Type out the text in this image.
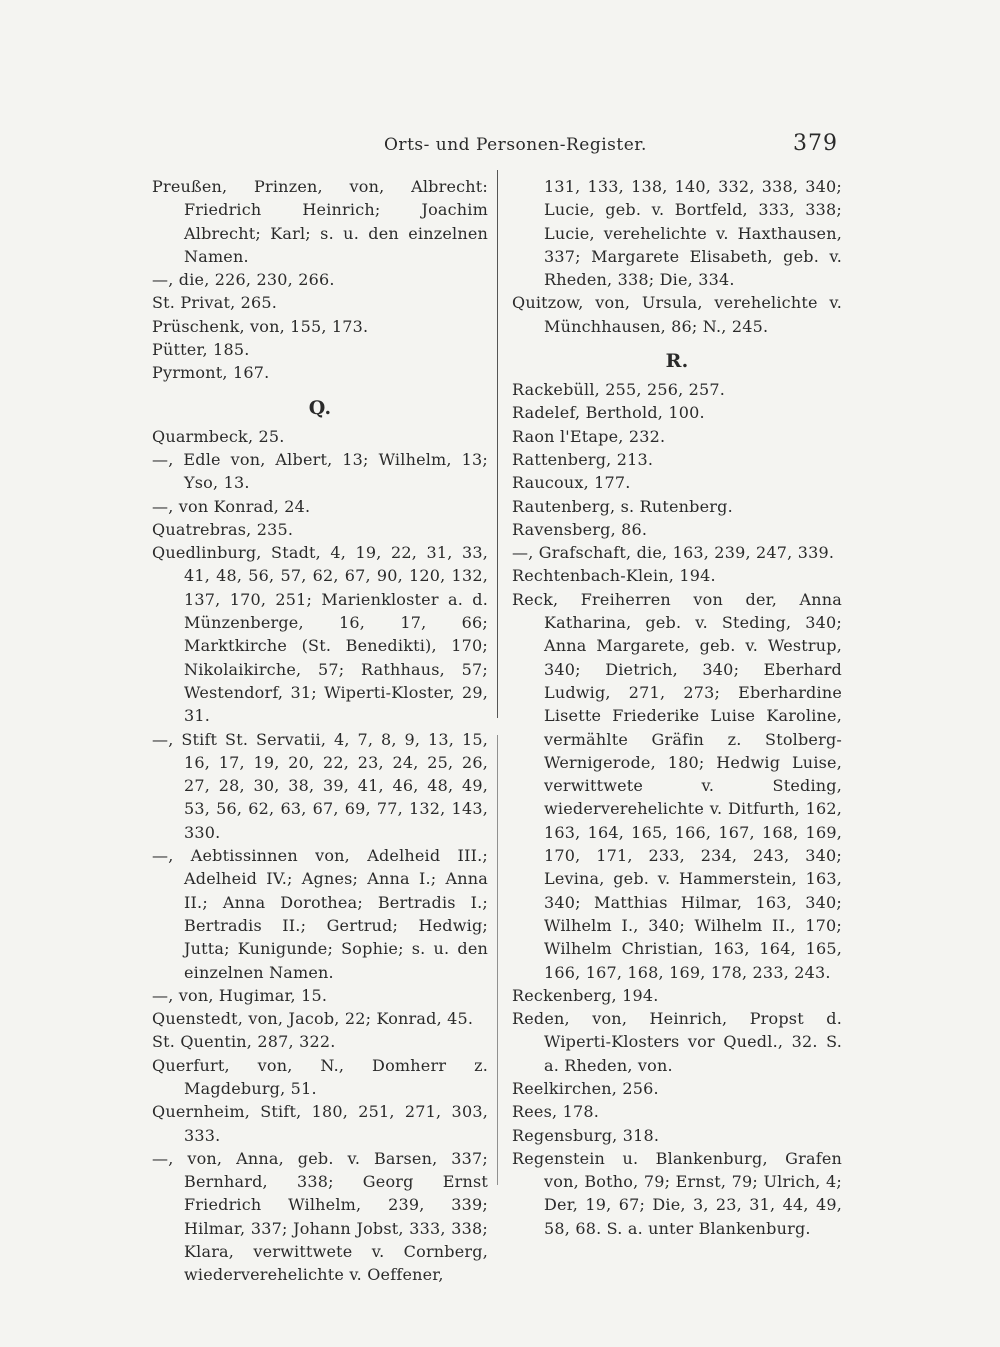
Orts- und Personen-Register.	379
Preußen, Prinzen, von, Albrecht: Friedrich Heinrich; Joachim Albrecht; Karl; s. u. den einzelnen Namen.
—, die, 226, 230, 266.
St. Privat, 265.
Prüschenk, von, 155, 173.
Pütter, 185.
Pyrmont, 167.
Q.
Quarmbeck, 25.
—, Edle von, Albert, 13; Wilhelm, 13; Yso, 13.
—, von Konrad, 24.
Quatrebras, 235.
Quedlinburg, Stadt, 4, 19, 22, 31, 33, 41, 48, 56, 57, 62, 67, 90, 120, 132, 137, 170, 251; Marienkloster a. d. Münzenberge, 16, 17, 66; Marktkirche (St. Benedikti), 170; Nikolaikirche, 57; Rathhaus, 57; Westendorf, 31; Wiperti-Kloster, 29, 31.
—, Stift St. Servatii, 4, 7, 8, 9, 13, 15, 16, 17, 19, 20, 22, 23, 24, 25, 26, 27, 28, 30, 38, 39, 41, 46, 48, 49, 53, 56, 62, 63, 67, 69, 77, 132, 143, 330.
—, Aebtissinnen von, Adelheid III.; Adelheid IV.; Agnes; Anna I.; Anna II.; Anna Dorothea; Bertradis I.; Bertradis II.; Gertrud; Hedwig; Jutta; Kunigunde; Sophie; s. u. den einzelnen Namen.
—, von, Hugimar, 15.
Quenstedt, von, Jacob, 22; Konrad, 45.
St. Quentin, 287, 322.
Querfurt, von, N., Domherr z. Magdeburg, 51.
Quernheim, Stift, 180, 251, 271, 303, 333.
—, von, Anna, geb. v. Barsen, 337; Bernhard, 338; Georg Ernst Friedrich Wilhelm, 239, 339; Hilmar, 337; Johann Jobst, 333, 338; Klara, verwittwete v. Cornberg, wiederverehelichte v. Oeffener,
131, 133, 138, 140, 332, 338, 340; Lucie, geb. v. Bortfeld, 333, 338; Lucie, verehelichte v. Haxthausen, 337; Margarete Elisabeth, geb. v. Rheden, 338; Die, 334.
Quitzow, von, Ursula, verehelichte v. Münchhausen, 86; N., 245.
R.
Rackebüll, 255, 256, 257.
Radelef, Berthold, 100.
Raon l'Etape, 232.
Rattenberg, 213.
Raucoux, 177.
Rautenberg, s. Rutenberg.
Ravensberg, 86.
—, Grafschaft, die, 163, 239, 247, 339.
Rechtenbach-Klein, 194.
Reck, Freiherren von der, Anna Katharina, geb. v. Steding, 340; Anna Margarete, geb. v. Westrup, 340; Dietrich, 340; Eberhard Ludwig, 271, 273; Eberhardine Lisette Friederike Luise Karoline, vermählte Gräfin z. Stolberg-Wernigerode, 180; Hedwig Luise, verwittwete v. Steding, wiederverehelichte v. Ditfurth, 162, 163, 164, 165, 166, 167, 168, 169, 170, 171, 233, 234, 243, 340; Levina, geb. v. Hammerstein, 163, 340; Matthias Hilmar, 163, 340; Wilhelm I., 340; Wilhelm II., 170; Wilhelm Christian, 163, 164, 165, 166, 167, 168, 169, 178, 233, 243.
Reckenberg, 194.
Reden, von, Heinrich, Propst d. Wiperti-Klosters vor Quedl., 32. S. a. Rheden, von.
Reelkirchen, 256.
Rees, 178.
Regensburg, 318.
Regenstein u. Blankenburg, Grafen von, Botho, 79; Ernst, 79; Ulrich, 4; Der, 19, 67; Die, 3, 23, 31, 44, 49, 58, 68. S. a. unter Blankenburg.
